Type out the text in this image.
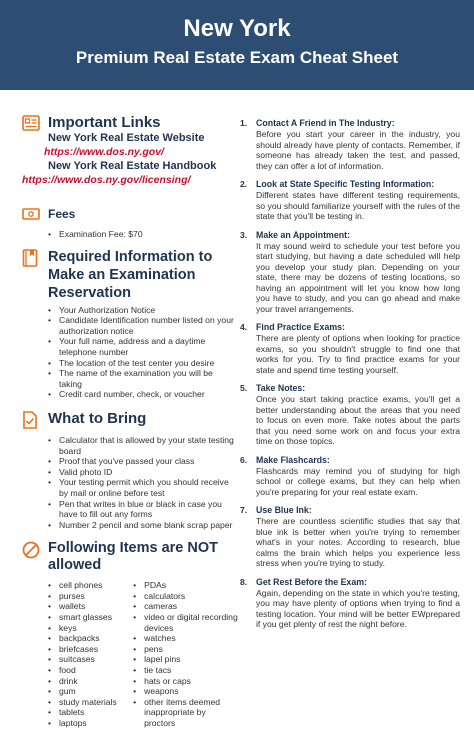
New York
Premium Real Estate Exam Cheat Sheet
Important Links
New York Real Estate Website
https://www.dos.ny.gov/
New York Real Estate Handbook
https://www.dos.ny.gov/licensing/
Fees
• Examination Fee: $70
Required Information to Make an Examination Reservation
• Your Authorization Notice
• Candidate Identification number listed on your authorization notice
• Your full name, address and a daytime telephone number
• The location of the test center you desire
• The name of the examination you will be taking
• Credit card number, check, or voucher
What to Bring
• Calculator that is allowed by your state testing board
• Proof that you've passed your class
• Valid photo ID
• Your testing permit which you should receive by mail or online before test
• Pen that writes in blue or black in case you have to fill out any forms
• Number 2 pencil and some blank scrap paper
Following Items are NOT allowed
• cell phones
• purses
• wallets
• smart glasses
• keys
• backpacks
• briefcases
• suitcases
• food
• drink
• gum
• study materials
• tablets
• laptops
• PDAs
• calculators
• cameras
• video or digital recording devices
• watches
• pens
• lapel pins
• tie tacs
• hats or caps
• weapons
• other items deemed inappropriate by proctors
1. Contact A Friend in The Industry:
Before you start your career in the industry, you should already have plenty of contacts. Remember, if someone has already taken the test, and passed, they can offer a lot of information.
2. Look at State Specific Testing Information:
Different states have different testing requirements, so you should familiarize yourself with the rules of the state that you'll be testing in.
3. Make an Appointment:
It may sound weird to schedule your test before you start studying, but having a date scheduled will help you develop your study plan. Depending on your state, there may be dozens of testing locations, so having an appointment will let you know how long you have to study, and you can go ahead and make your travel arrangements.
4. Find Practice Exams:
There are plenty of options when looking for practice exams, so you shouldn't struggle to find one that works for you. Try to find practice exams for your state and spend time testing yourself.
5. Take Notes:
Once you start taking practice exams, you'll get a better understanding about the areas that you need to focus on even more. Take notes about the parts that you need some work on and focus your extra time on those topics.
6. Make Flashcards:
Flashcards may remind you of studying for high school or college exams, but they can help when you're preparing for your real estate exam.
7. Use Blue Ink:
There are countless scientific studies that say that blue ink is better when you're trying to remember what's in your notes. According to research, blue calms the brain which helps you experience less stress when you're trying to study.
8. Get Rest Before the Exam:
Again, depending on the state in which you're testing, you may have plenty of options when trying to find a testing location. Your mind will be better EWprepared if you get plenty of rest the night before.
